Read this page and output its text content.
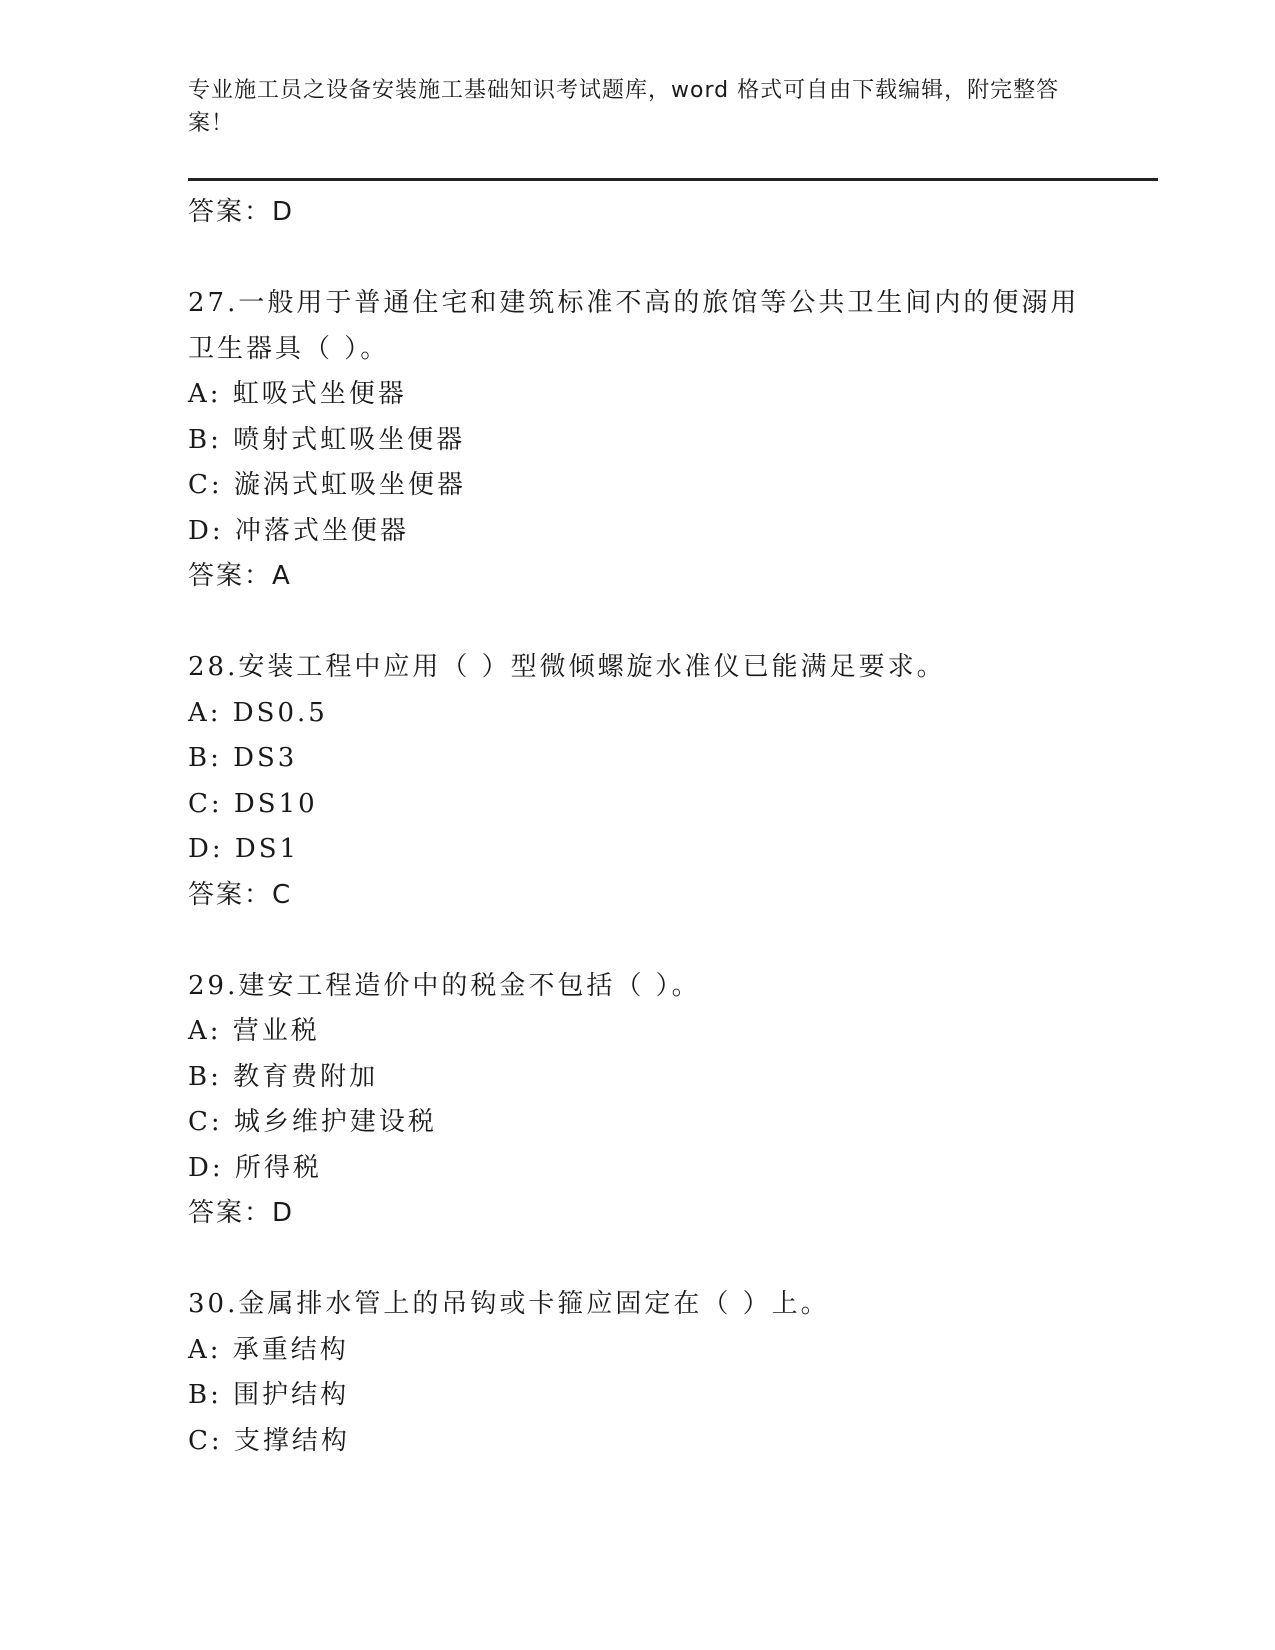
专业施工员之设备安装施工基础知识考试题库，word 格式可自由下载编辑，附完整答案！
答案：D
27.一般用于普通住宅和建筑标准不高的旅馆等公共卫生间内的便溺用
卫生器具（ ）。
A: 虹吸式坐便器
B: 喷射式虹吸坐便器
C: 漩涡式虹吸坐便器
D: 冲落式坐便器
答案：A
28.安装工程中应用（ ）型微倾螺旋水准仪已能满足要求。
A: DS0.5
B: DS3
C: DS10
D: DS1
答案：C
29.建安工程造价中的税金不包括（ ）。
A: 营业税
B: 教育费附加
C: 城乡维护建设税
D: 所得税
答案：D
30.金属排水管上的吊钩或卡箍应固定在（ ）上。
A: 承重结构
B: 围护结构
C: 支撑结构
